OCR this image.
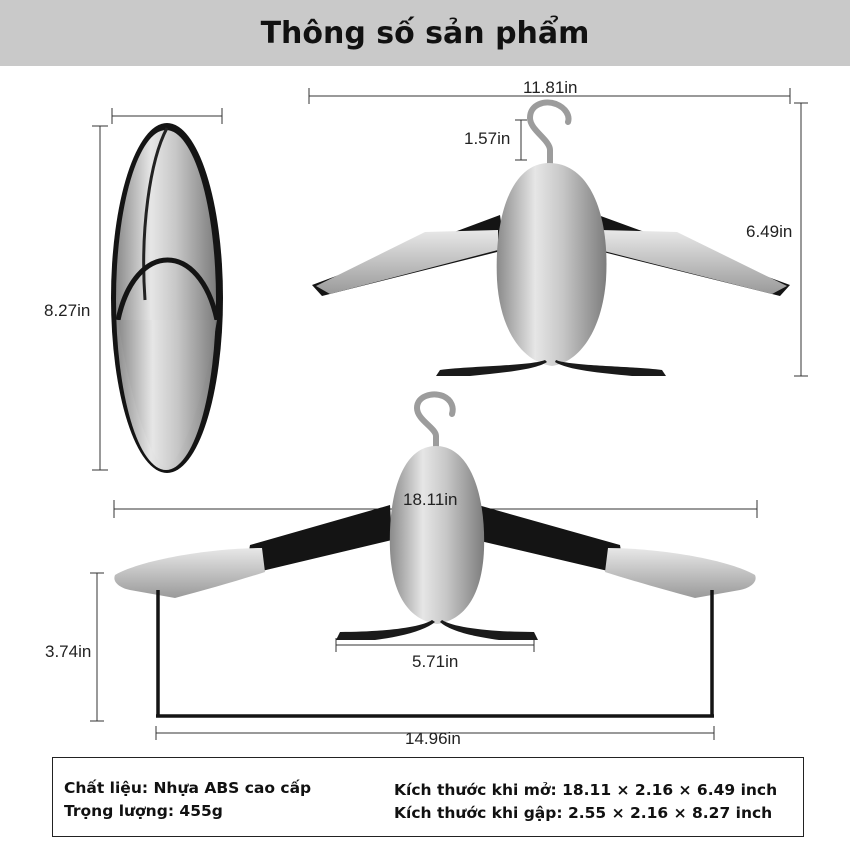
Thông số sản phẩm
8.27in
11.81in
1.57in
6.49in
18.11in
3.74in
5.71in
14.96in
Chất liệu: Nhựa ABS cao cấp
Trọng lượng: 455g
Kích thước khi mở: 18.11 × 2.16 × 6.49 inch
Kích thước khi gập: 2.55 × 2.16 × 8.27 inch
